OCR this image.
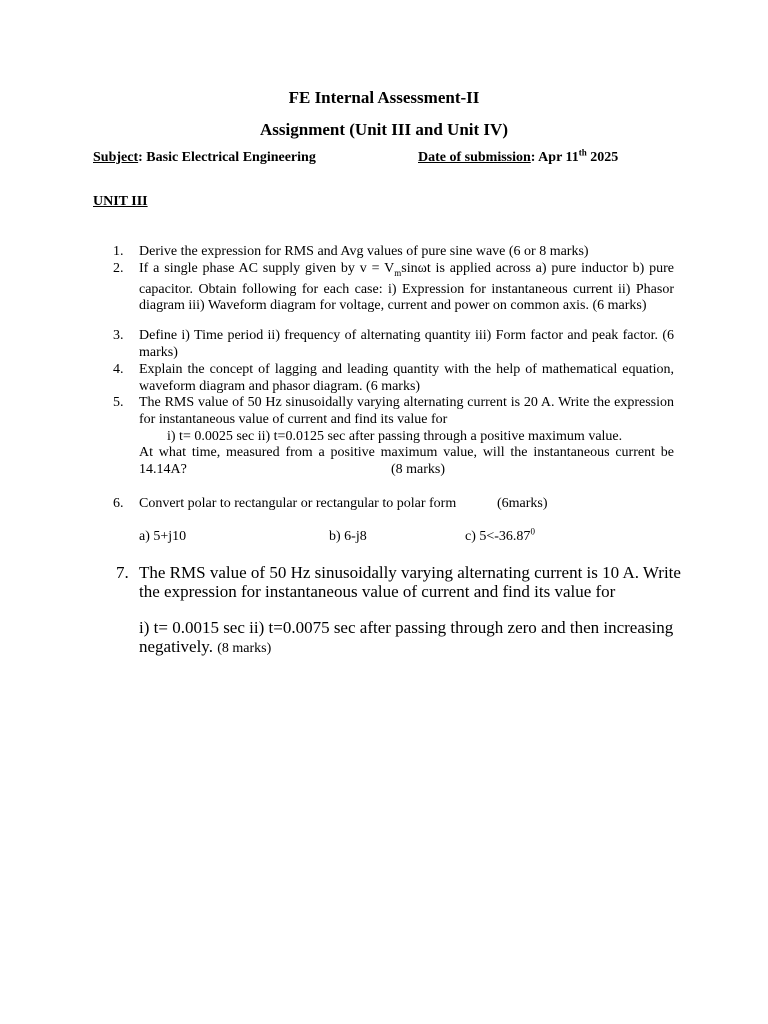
FE Internal Assessment-II
Assignment (Unit III and Unit IV)
Subject: Basic Electrical Engineering	Date of submission: Apr 11th 2025
UNIT III
1.	Derive the expression for RMS and Avg values of pure sine wave (6 or 8 marks)
2.	If a single phase AC supply given by $v = V_m\sin\omega t$ is applied across a) pure inductor b) pure capacitor. Obtain following for each case: i) Expression for instantaneous current ii) Phasor diagram iii) Waveform diagram for voltage, current and power on common axis. (6 marks)
3.	Define i) Time period ii) frequency of alternating quantity iii) Form factor and peak factor. (6 marks)
4.	Explain the concept of lagging and leading quantity with the help of mathematical equation, waveform diagram and phasor diagram. (6 marks)
5.	The RMS value of 50 Hz sinusoidally varying alternating current is 20 A. Write the expression for instantaneous value of current and find its value for
i) t= 0.0025 sec ii) t=0.0125 sec after passing through a positive maximum value.
At what time, measured from a positive maximum value, will the instantaneous current be 14.14A?	(8 marks)
6.	Convert polar to rectangular or rectangular to polar form	(6marks)
a) 5+j10	b) 6-j8	c) $5<-36.87^0$
7. The RMS value of 50 Hz sinusoidally varying alternating current is 10 A. Write the expression for instantaneous value of current and find its value for
i) t= 0.0015 sec ii) t=0.0075 sec after passing through zero and then increasing negatively. (8 marks)
